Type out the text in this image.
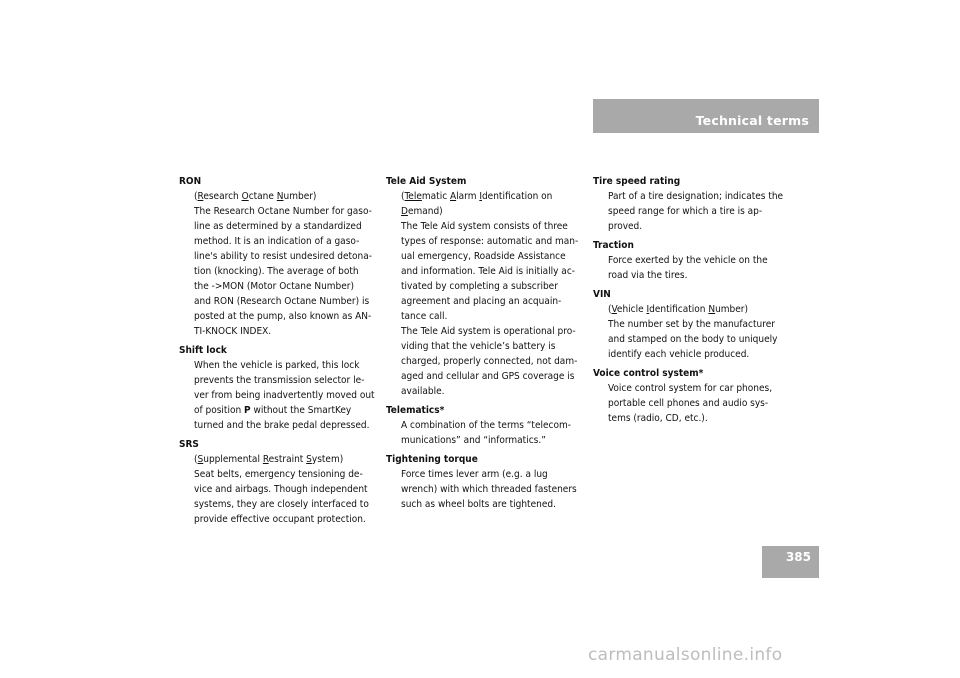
Technical terms
RON
(Research Octane Number)
The Research Octane Number for gaso-
line as determined by a standardized
method. It is an indication of a gaso-
line's ability to resist undesired detona-
tion (knocking). The average of both
the ->MON (Motor Octane Number)
and RON (Research Octane Number) is
posted at the pump, also known as AN-
TI-KNOCK INDEX.
Shift lock
When the vehicle is parked, this lock
prevents the transmission selector le-
ver from being inadvertently moved out
of position P without the SmartKey
turned and the brake pedal depressed.
SRS
(Supplemental Restraint System)
Seat belts, emergency tensioning de-
vice and airbags. Though independent
systems, they are closely interfaced to
provide effective occupant protection.
Tele Aid System
(Telematic Alarm Identification on
Demand)
The Tele Aid system consists of three
types of response: automatic and man-
ual emergency, Roadside Assistance
and information. Tele Aid is initially ac-
tivated by completing a subscriber
agreement and placing an acquain-
tance call.
The Tele Aid system is operational pro-
viding that the vehicle’s battery is
charged, properly connected, not dam-
aged and cellular and GPS coverage is
available.
Telematics*
A combination of the terms “telecom-
munications” and “informatics.”
Tightening torque
Force times lever arm (e.g. a lug
wrench) with which threaded fasteners
such as wheel bolts are tightened.
Tire speed rating
Part of a tire designation; indicates the
speed range for which a tire is ap-
proved.
Traction
Force exerted by the vehicle on the
road via the tires.
VIN
(Vehicle Identification Number)
The number set by the manufacturer
and stamped on the body to uniquely
identify each vehicle produced.
Voice control system*
Voice control system for car phones,
portable cell phones and audio sys-
tems (radio, CD, etc.).
385
carmanualsonline.info
